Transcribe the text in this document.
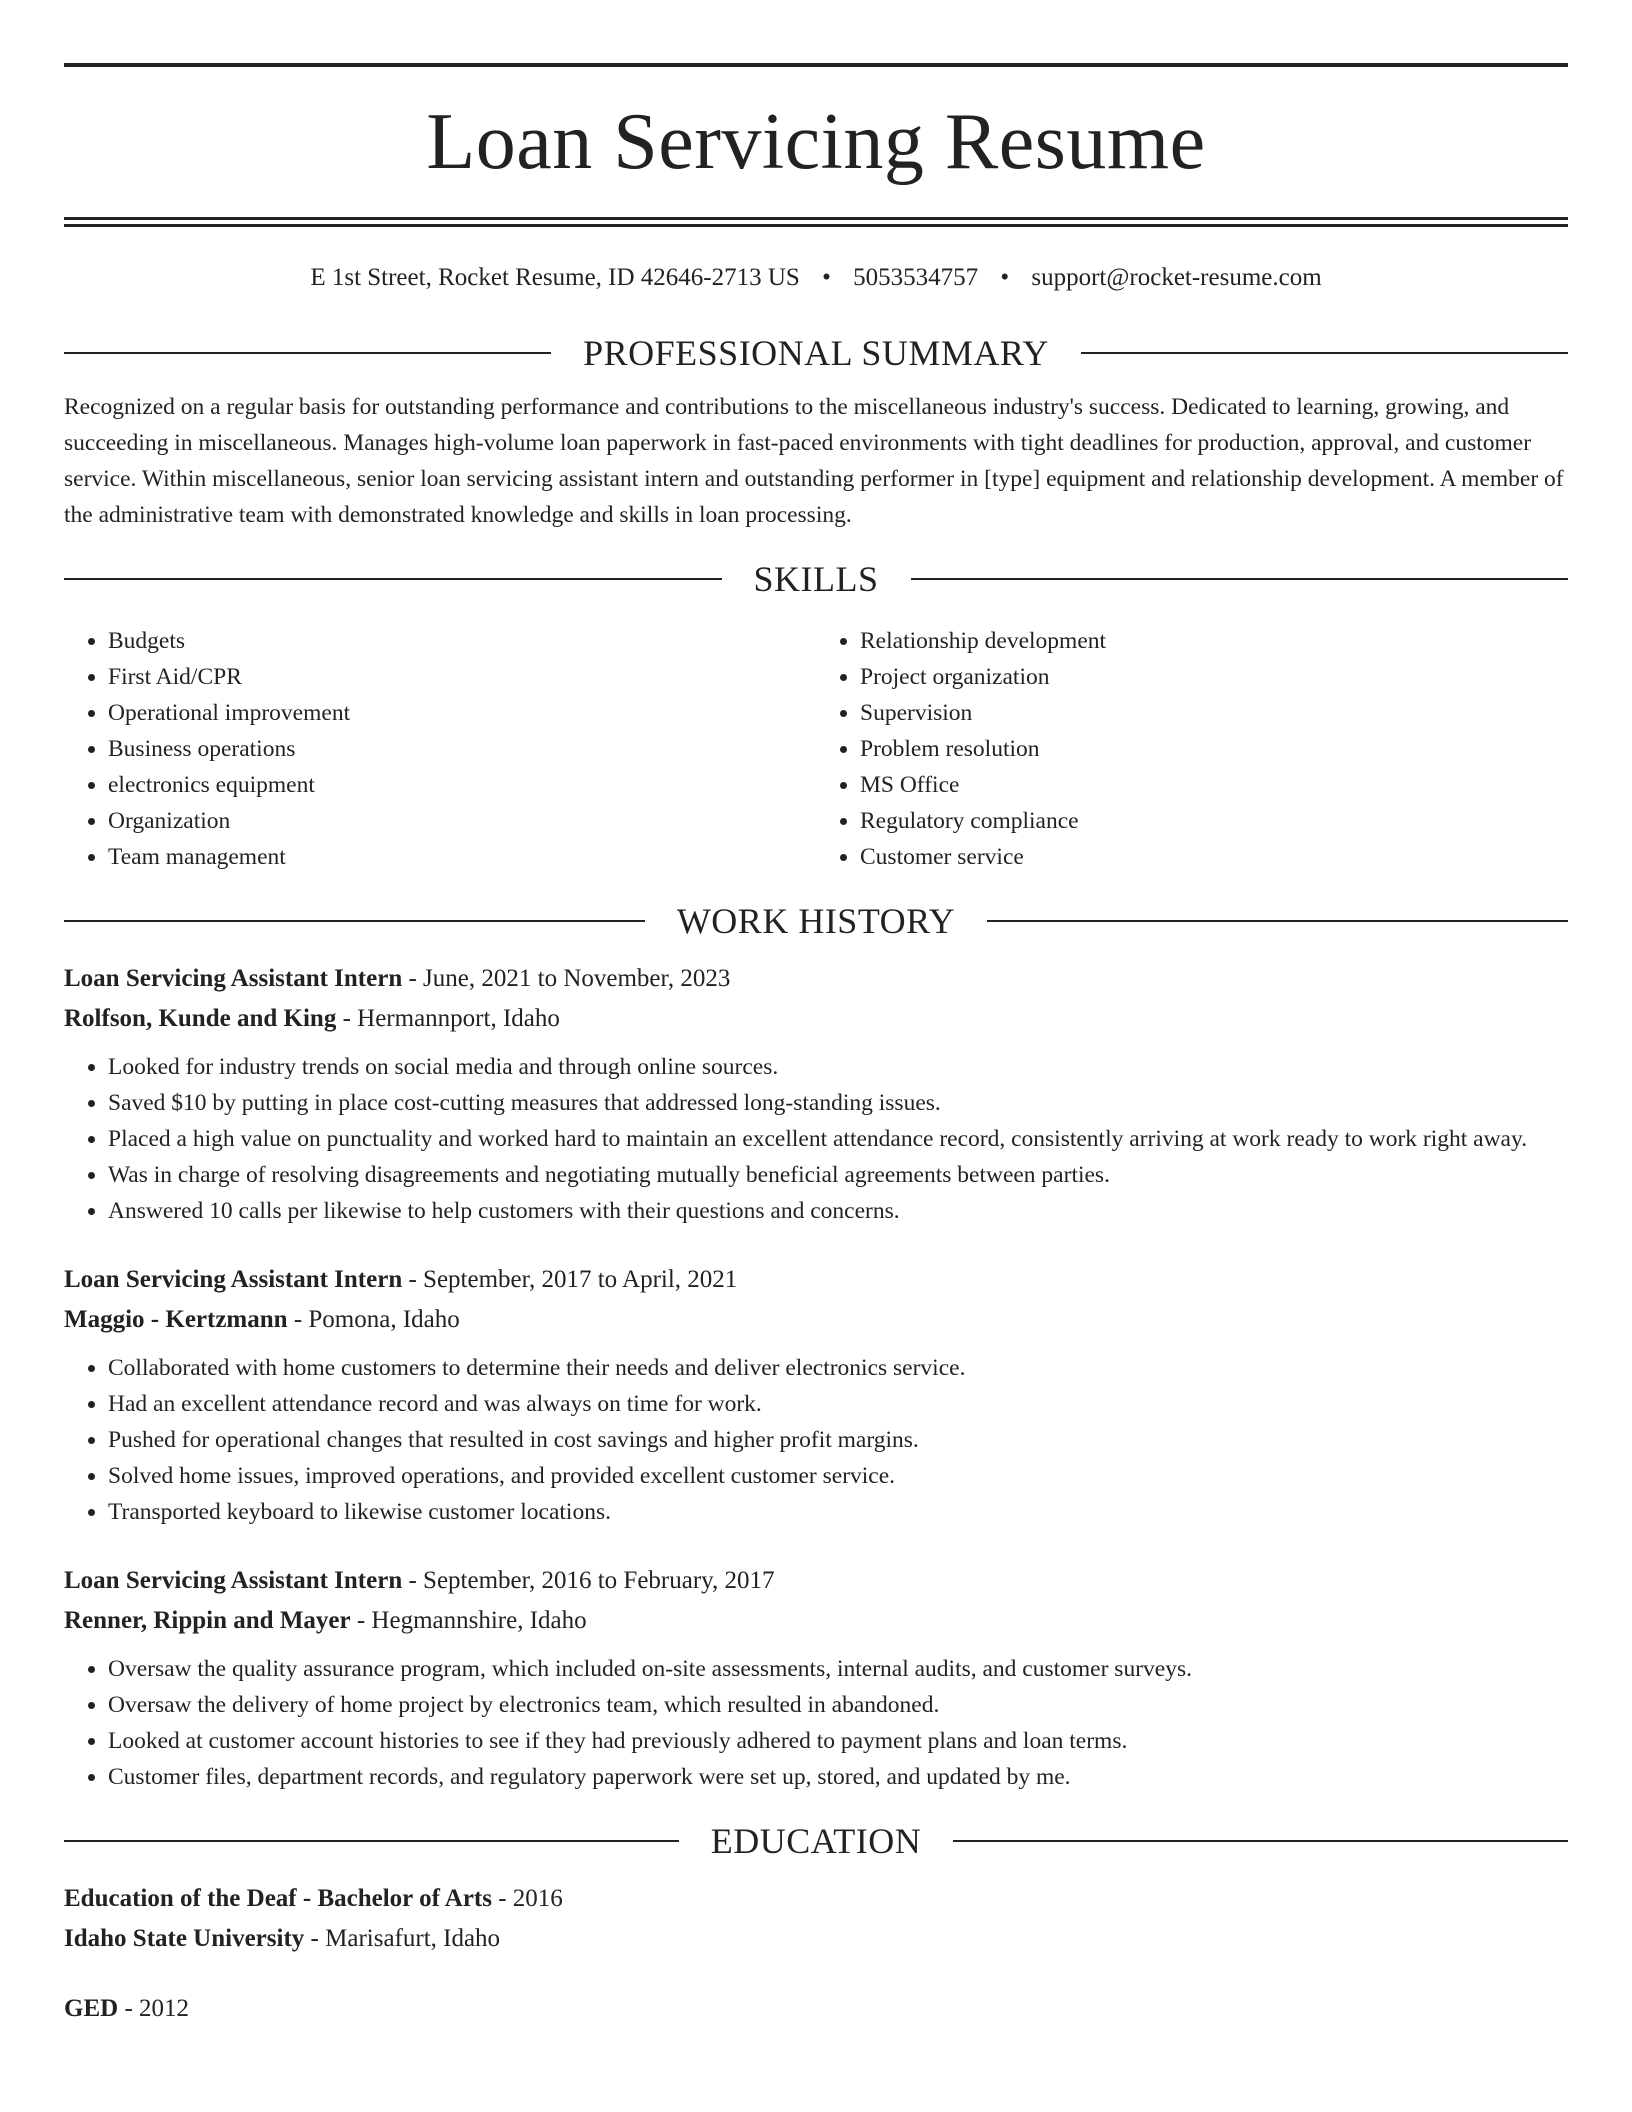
Loan Servicing Resume
E 1st Street, Rocket Resume, ID 42646-2713 US • 5053534757 • support@rocket-resume.com
PROFESSIONAL SUMMARY

Recognized on a regular basis for outstanding performance and contributions to the miscellaneous industry's success. Dedicated to learning, growing, and succeeding in miscellaneous. Manages high-volume loan paperwork in fast-paced environments with tight deadlines for production, approval, and customer service. Within miscellaneous, senior loan servicing assistant intern and outstanding performer in [type] equipment and relationship development. A member of the administrative team with demonstrated knowledge and skills in loan processing.

SKILLS
• Budgets
• First Aid/CPR
• Operational improvement
• Business operations
• electronics equipment
• Organization
• Team management
• Relationship development
• Project organization
• Supervision
• Problem resolution
• MS Office
• Regulatory compliance
• Customer service
WORK HISTORY
Loan Servicing Assistant Intern - June, 2021 to November, 2023
Rolfson, Kunde and King - Hermannport, Idaho
• Looked for industry trends on social media and through online sources.
• Saved $10 by putting in place cost-cutting measures that addressed long-standing issues.
• Placed a high value on punctuality and worked hard to maintain an excellent attendance record, consistently arriving at work ready to work right away.
• Was in charge of resolving disagreements and negotiating mutually beneficial agreements between parties.
• Answered 10 calls per likewise to help customers with their questions and concerns.
Loan Servicing Assistant Intern - September, 2017 to April, 2021
Maggio - Kertzmann - Pomona, Idaho
• Collaborated with home customers to determine their needs and deliver electronics service.
• Had an excellent attendance record and was always on time for work.
• Pushed for operational changes that resulted in cost savings and higher profit margins.
• Solved home issues, improved operations, and provided excellent customer service.
• Transported keyboard to likewise customer locations.
Loan Servicing Assistant Intern - September, 2016 to February, 2017
Renner, Rippin and Mayer - Hegmannshire, Idaho
• Oversaw the quality assurance program, which included on-site assessments, internal audits, and customer surveys.
• Oversaw the delivery of home project by electronics team, which resulted in abandoned.
• Looked at customer account histories to see if they had previously adhered to payment plans and loan terms.
• Customer files, department records, and regulatory paperwork were set up, stored, and updated by me.
EDUCATION
Education of the Deaf - Bachelor of Arts - 2016
Idaho State University - Marisafurt, Idaho
GED - 2012
